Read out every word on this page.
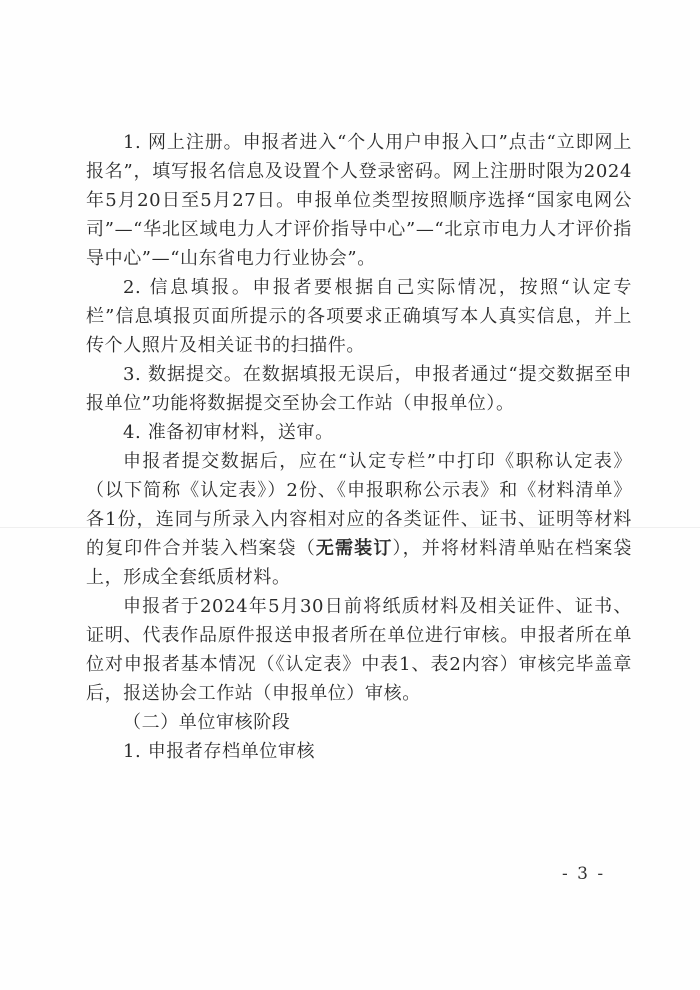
1. 网上注册。申报者进入“个人用户申报入口”点击“立即网上报名”，填写报名信息及设置个人登录密码。网上注册时限为2024年5月20日至5月27日。申报单位类型按照顺序选择“国家电网公司”—“华北区域电力人才评价指导中心”—“北京市电力人才评价指导中心”—“山东省电力行业协会”。

2. 信息填报。申报者要根据自己实际情况，按照“认定专栏”信息填报页面所提示的各项要求正确填写本人真实信息，并上传个人照片及相关证书的扫描件。

3. 数据提交。在数据填报无误后，申报者通过“提交数据至申报单位”功能将数据提交至协会工作站（申报单位）。

4. 准备初审材料，送审。

申报者提交数据后，应在“认定专栏”中打印《职称认定表》（以下简称《认定表》）2份、《申报职称公示表》和《材料清单》各1份，连同与所录入内容相对应的各类证件、证书、证明等材料的复印件合并装入档案袋（无需装订），并将材料清单贴在档案袋上，形成全套纸质材料。

申报者于2024年5月30日前将纸质材料及相关证件、证书、证明、代表作品原件报送申报者所在单位进行审核。申报者所在单位对申报者基本情况（《认定表》中表1、表2内容）审核完毕盖章后，报送协会工作站（申报单位）审核。

（二）单位审核阶段

1. 申报者存档单位审核

- 3 -
